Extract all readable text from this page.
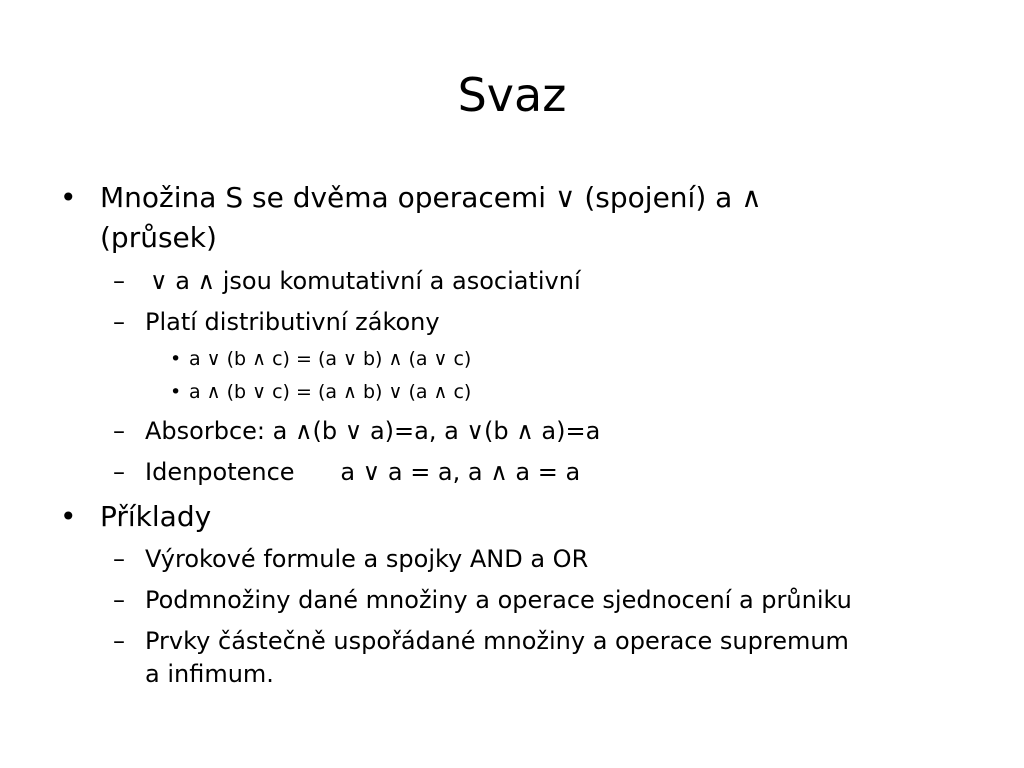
Svaz
• Množina S se dvěma operacemi ∨ (spojení) a ∧
(průsek)
– ∨ a ∧ jsou komutativní a asociativní
– Platí distributivní zákony
• a ∨ (b ∧ c) = (a ∨ b) ∧ (a ∨ c)
• a ∧ (b ∨ c) = (a ∧ b) ∨ (a ∧ c)
– Absorbce: a ∧(b ∨ a)=a, a ∨(b ∧ a)=a
– Idenpotence      a ∨ a = a, a ∧ a = a
• Příklady
– Výrokové formule a spojky AND a OR
– Podmnožiny dané množiny a operace sjednocení a průniku
– Prvky částečně uspořádané množiny a operace supremum
a infimum.
